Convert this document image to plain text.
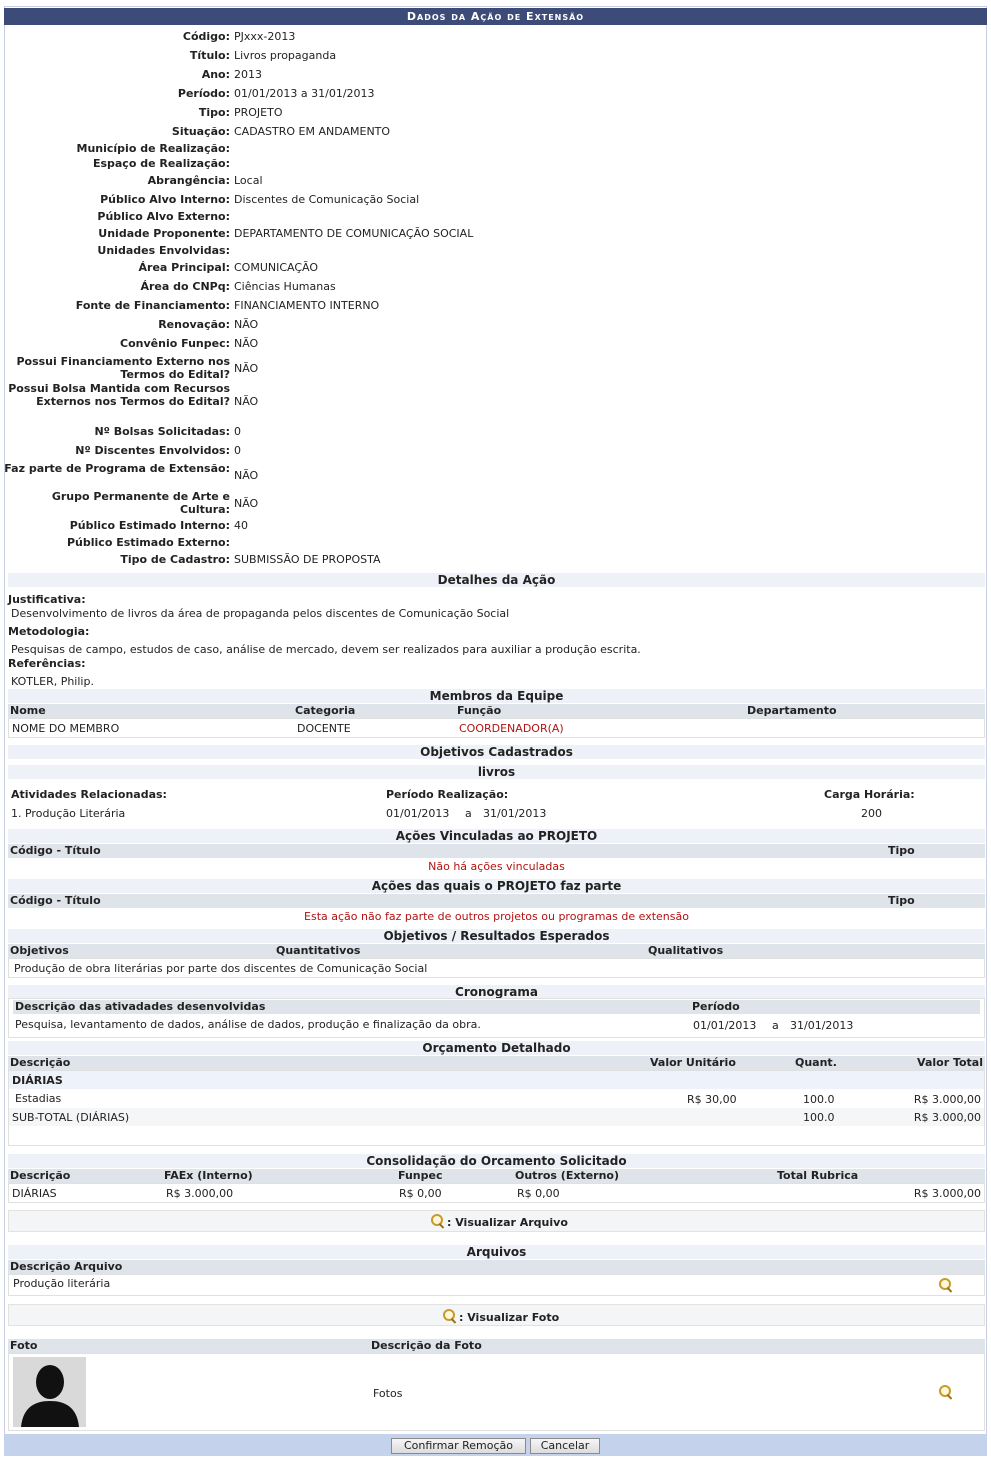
Dados da Ação de Extensão
Código: PJxxx-2013
Título: Livros propaganda
Ano: 2013
Período: 01/01/2013 a 31/01/2013
Tipo: PROJETO
Situação: CADASTRO EM ANDAMENTO
Município de Realização:
Espaço de Realização:
Abrangência: Local
Público Alvo Interno: Discentes de Comunicação Social
Público Alvo Externo:
Unidade Proponente: DEPARTAMENTO DE COMUNICAÇÃO SOCIAL
Unidades Envolvidas:
Área Principal: COMUNICAÇÃO
Área do CNPq: Ciências Humanas
Fonte de Financiamento: FINANCIAMENTO INTERNO
Renovação: NÃO
Convênio Funpec: NÃO
Possui Financiamento Externo nos Termos do Edital? NÃO
Possui Bolsa Mantida com Recursos Externos nos Termos do Edital? NÃO
Nº Bolsas Solicitadas: 0
Nº Discentes Envolvidos: 0
Faz parte de Programa de Extensão: NÃO
Grupo Permanente de Arte e Cultura: NÃO
Público Estimado Interno: 40
Público Estimado Externo:
Tipo de Cadastro: SUBMISSÃO DE PROPOSTA
Detalhes da Ação
Justificativa:
Desenvolvimento de livros da área de propaganda pelos discentes de Comunicação Social
Metodologia:
Pesquisas de campo, estudos de caso, análise de mercado, devem ser realizados para auxiliar a produção escrita.
Referências:
KOTLER, Philip.
Membros da Equipe
Nome	Categoria	Função	Departamento
NOME DO MEMBRO	DOCENTE	COORDENADOR(A)
Objetivos Cadastrados
livros
Atividades Relacionadas:	Período Realização:	Carga Horária:
1. Produção Literária	01/01/2013 a 31/01/2013	200
Ações Vinculadas ao PROJETO
Código - Título	Tipo
Não há ações vinculadas
Ações das quais o PROJETO faz parte
Código - Título	Tipo
Esta ação não faz parte de outros projetos ou programas de extensão
Objetivos / Resultados Esperados
Objetivos	Quantitativos	Qualitativos
Produção de obra literárias por parte dos discentes de Comunicação Social
Cronograma
Descrição das ativadades desenvolvidas	Período
Pesquisa, levantamento de dados, análise de dados, produção e finalização da obra.	01/01/2013 a 31/01/2013
Orçamento Detalhado
Descrição	Valor Unitário	Quant.	Valor Total
DIÁRIAS
Estadias	R$ 30,00	100.0	R$ 3.000,00
SUB-TOTAL (DIÁRIAS)	100.0	R$ 3.000,00
Consolidação do Orcamento Solicitado
Descrição	FAEx (Interno)	Funpec	Outros (Externo)	Total Rubrica
DIÁRIAS	R$ 3.000,00	R$ 0,00	R$ 0,00	R$ 3.000,00
: Visualizar Arquivo
Arquivos
Descrição Arquivo
Produção literária
: Visualizar Foto
Foto	Descrição da Foto
Fotos
Confirmar Remoção	Cancelar
